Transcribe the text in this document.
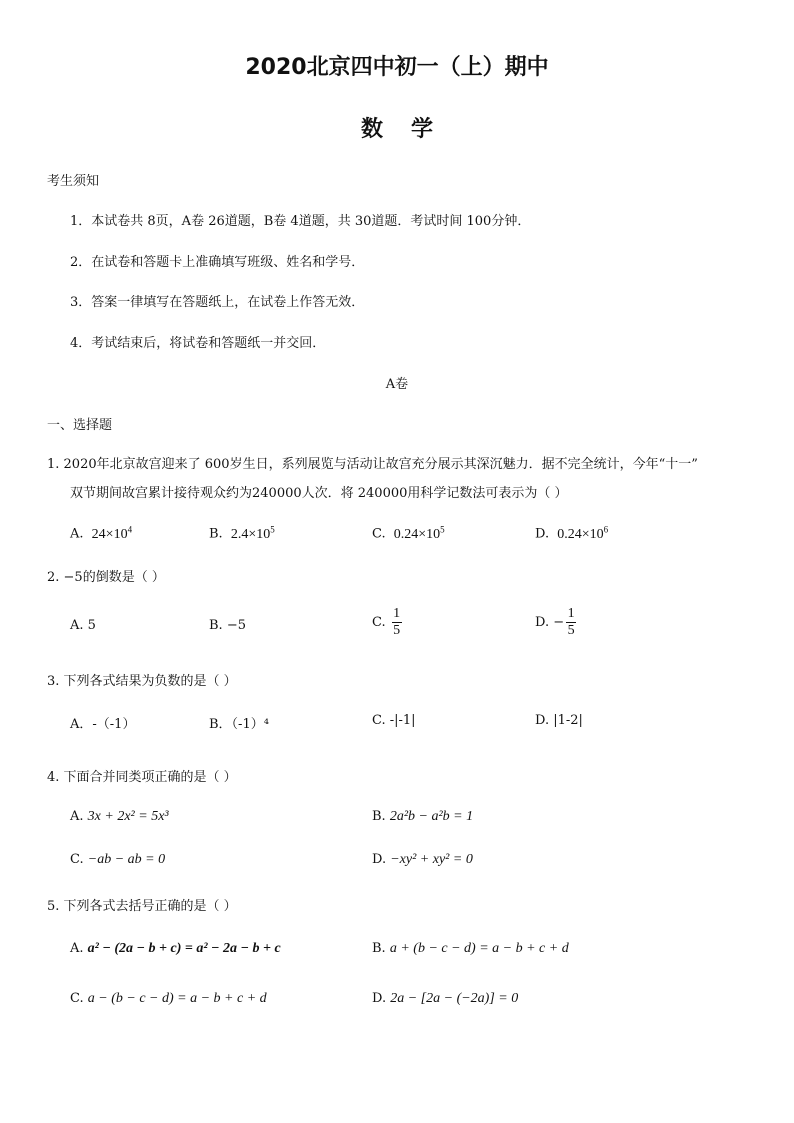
2020北京四中初一（上）期中
数学
考生须知
1．本试卷共 8页，A卷 26道题，B卷 4道题，共 30道题．考试时间 100分钟．
2．在试卷和答题卡上准确填写班级、姓名和学号．
3．答案一律填写在答题纸上，在试卷上作答无效．
4．考试结束后，将试卷和答题纸一并交回．
A卷
一、选择题
1. 2020年北京故宫迎来了 600岁生日，系列展览与活动让故宫充分展示其深沉魅力．据不完全统计，今年“十一”
双节期间故宫累计接待观众约为240000人次．将 240000用科学记数法可表示为（ ）
A. $24\times 10^4$	B. $2.4\times 10^5$	C. $0.24\times 10^5$	D. $0.24\times 10^6$
2. −5的倒数是（ ）
A. 5	B. −5	C. $\frac{1}{5}$	D. − $\frac{1}{5}$
3. 下列各式结果为负数的是（ ）
A．-（-1）	B．（-1）⁴	C. -|-1|	D. |1-2|
4. 下面合并同类项正确的是（ ）
A. 3x + 2x² = 5x³	B. 2a²b − a²b = 1
C. −ab − ab = 0	D. −xy² + xy² = 0
5. 下列各式去括号正确的是（ ）
A. a² − (2a − b + c) = a² − 2a − b + c	B. a + (b − c − d) = a − b + c + d
C. a − (b − c − d) = a − b + c + d	D. 2a − [2a − (−2a)] = 0
